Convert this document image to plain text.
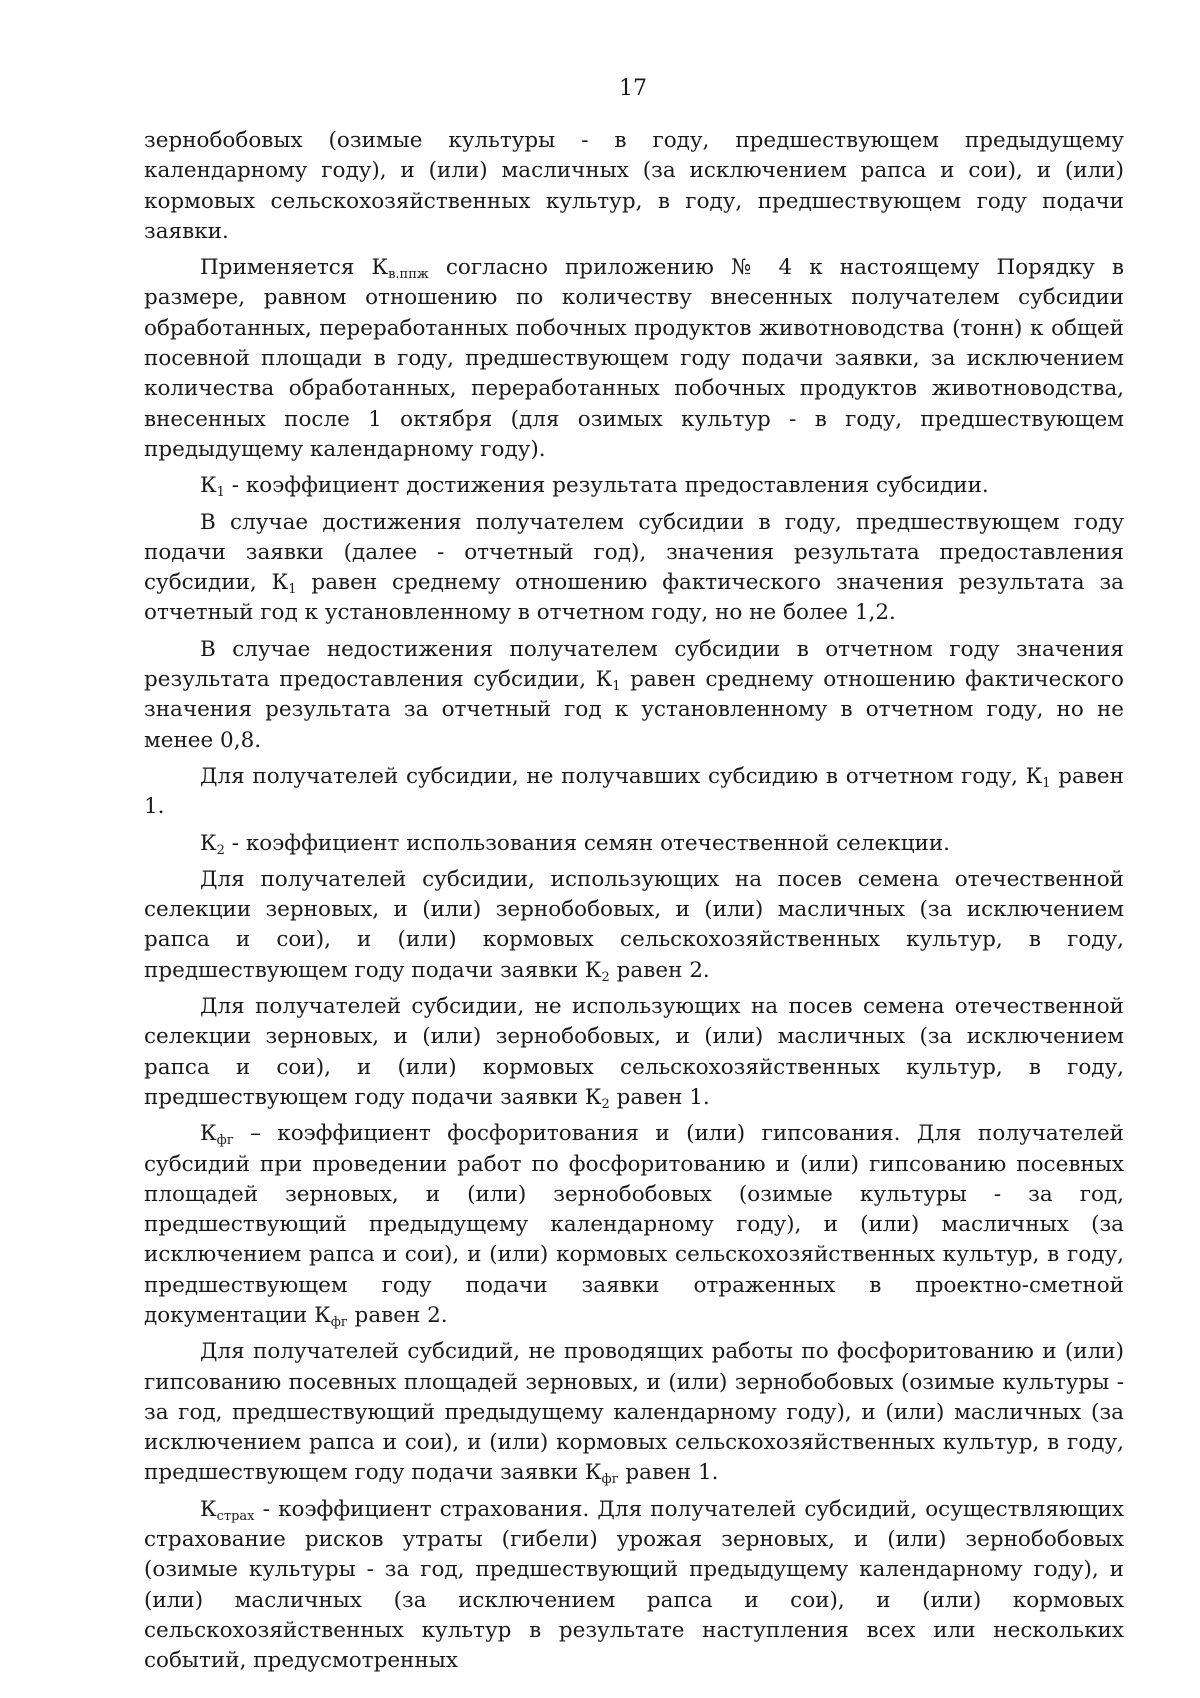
17

зернобобовых (озимые культуры - в году, предшествующем предыдущему календарному году), и (или) масличных (за исключением рапса и сои), и (или) кормовых сельскохозяйственных культур, в году, предшествующем году подачи заявки.

Применяется $К_{в.ппж}$ согласно приложению № 4 к настоящему Порядку в размере, равном отношению по количеству внесенных получателем субсидии обработанных, переработанных побочных продуктов животноводства (тонн) к общей посевной площади в году, предшествующем году подачи заявки, за исключением количества обработанных, переработанных побочных продуктов животноводства, внесенных после 1 октября (для озимых культур - в году, предшествующем предыдущему календарному году).

$К_1$ - коэффициент достижения результата предоставления субсидии.

В случае достижения получателем субсидии в году, предшествующем году подачи заявки (далее - отчетный год), значения результата предоставления субсидии, $К_1$ равен среднему отношению фактического значения результата за отчетный год к установленному в отчетном году, но не более 1,2.

В случае недостижения получателем субсидии в отчетном году значения результата предоставления субсидии, $К_1$ равен среднему отношению фактического значения результата за отчетный год к установленному в отчетном году, но не менее 0,8.

Для получателей субсидии, не получавших субсидию в отчетном году, $К_1$ равен 1.

$К_2$ - коэффициент использования семян отечественной селекции.

Для получателей субсидии, использующих на посев семена отечественной селекции зерновых, и (или) зернобобовых, и (или) масличных (за исключением рапса и сои), и (или) кормовых сельскохозяйственных культур, в году, предшествующем году подачи заявки $К_2$ равен 2.

Для получателей субсидии, не использующих на посев семена отечественной селекции зерновых, и (или) зернобобовых, и (или) масличных (за исключением рапса и сои), и (или) кормовых сельскохозяйственных культур, в году, предшествующем году подачи заявки $К_2$ равен 1.

$К_{фг}$ – коэффициент фосфоритования и (или) гипсования. Для получателей субсидий при проведении работ по фосфоритованию и (или) гипсованию посевных площадей зерновых, и (или) зернобобовых (озимые культуры - за год, предшествующий предыдущему календарному году), и (или) масличных (за исключением рапса и сои), и (или) кормовых сельскохозяйственных культур, в году, предшествующем году подачи заявки отраженных в проектно-сметной документации $К_{фг}$ равен 2.

Для получателей субсидий, не проводящих работы по фосфоритованию и (или) гипсованию посевных площадей зерновых, и (или) зернобобовых (озимые культуры - за год, предшествующий предыдущему календарному году), и (или) масличных (за исключением рапса и сои), и (или) кормовых сельскохозяйственных культур, в году, предшествующем году подачи заявки $К_{фг}$ равен 1.

$К_{страх}$ - коэффициент страхования. Для получателей субсидий, осуществляющих страхование рисков утраты (гибели) урожая зерновых, и (или) зернобобовых (озимые культуры - за год, предшествующий предыдущему календарному году), и (или) масличных (за исключением рапса и сои), и (или) кормовых сельскохозяйственных культур в результате наступления всех или нескольких событий, предусмотренных
